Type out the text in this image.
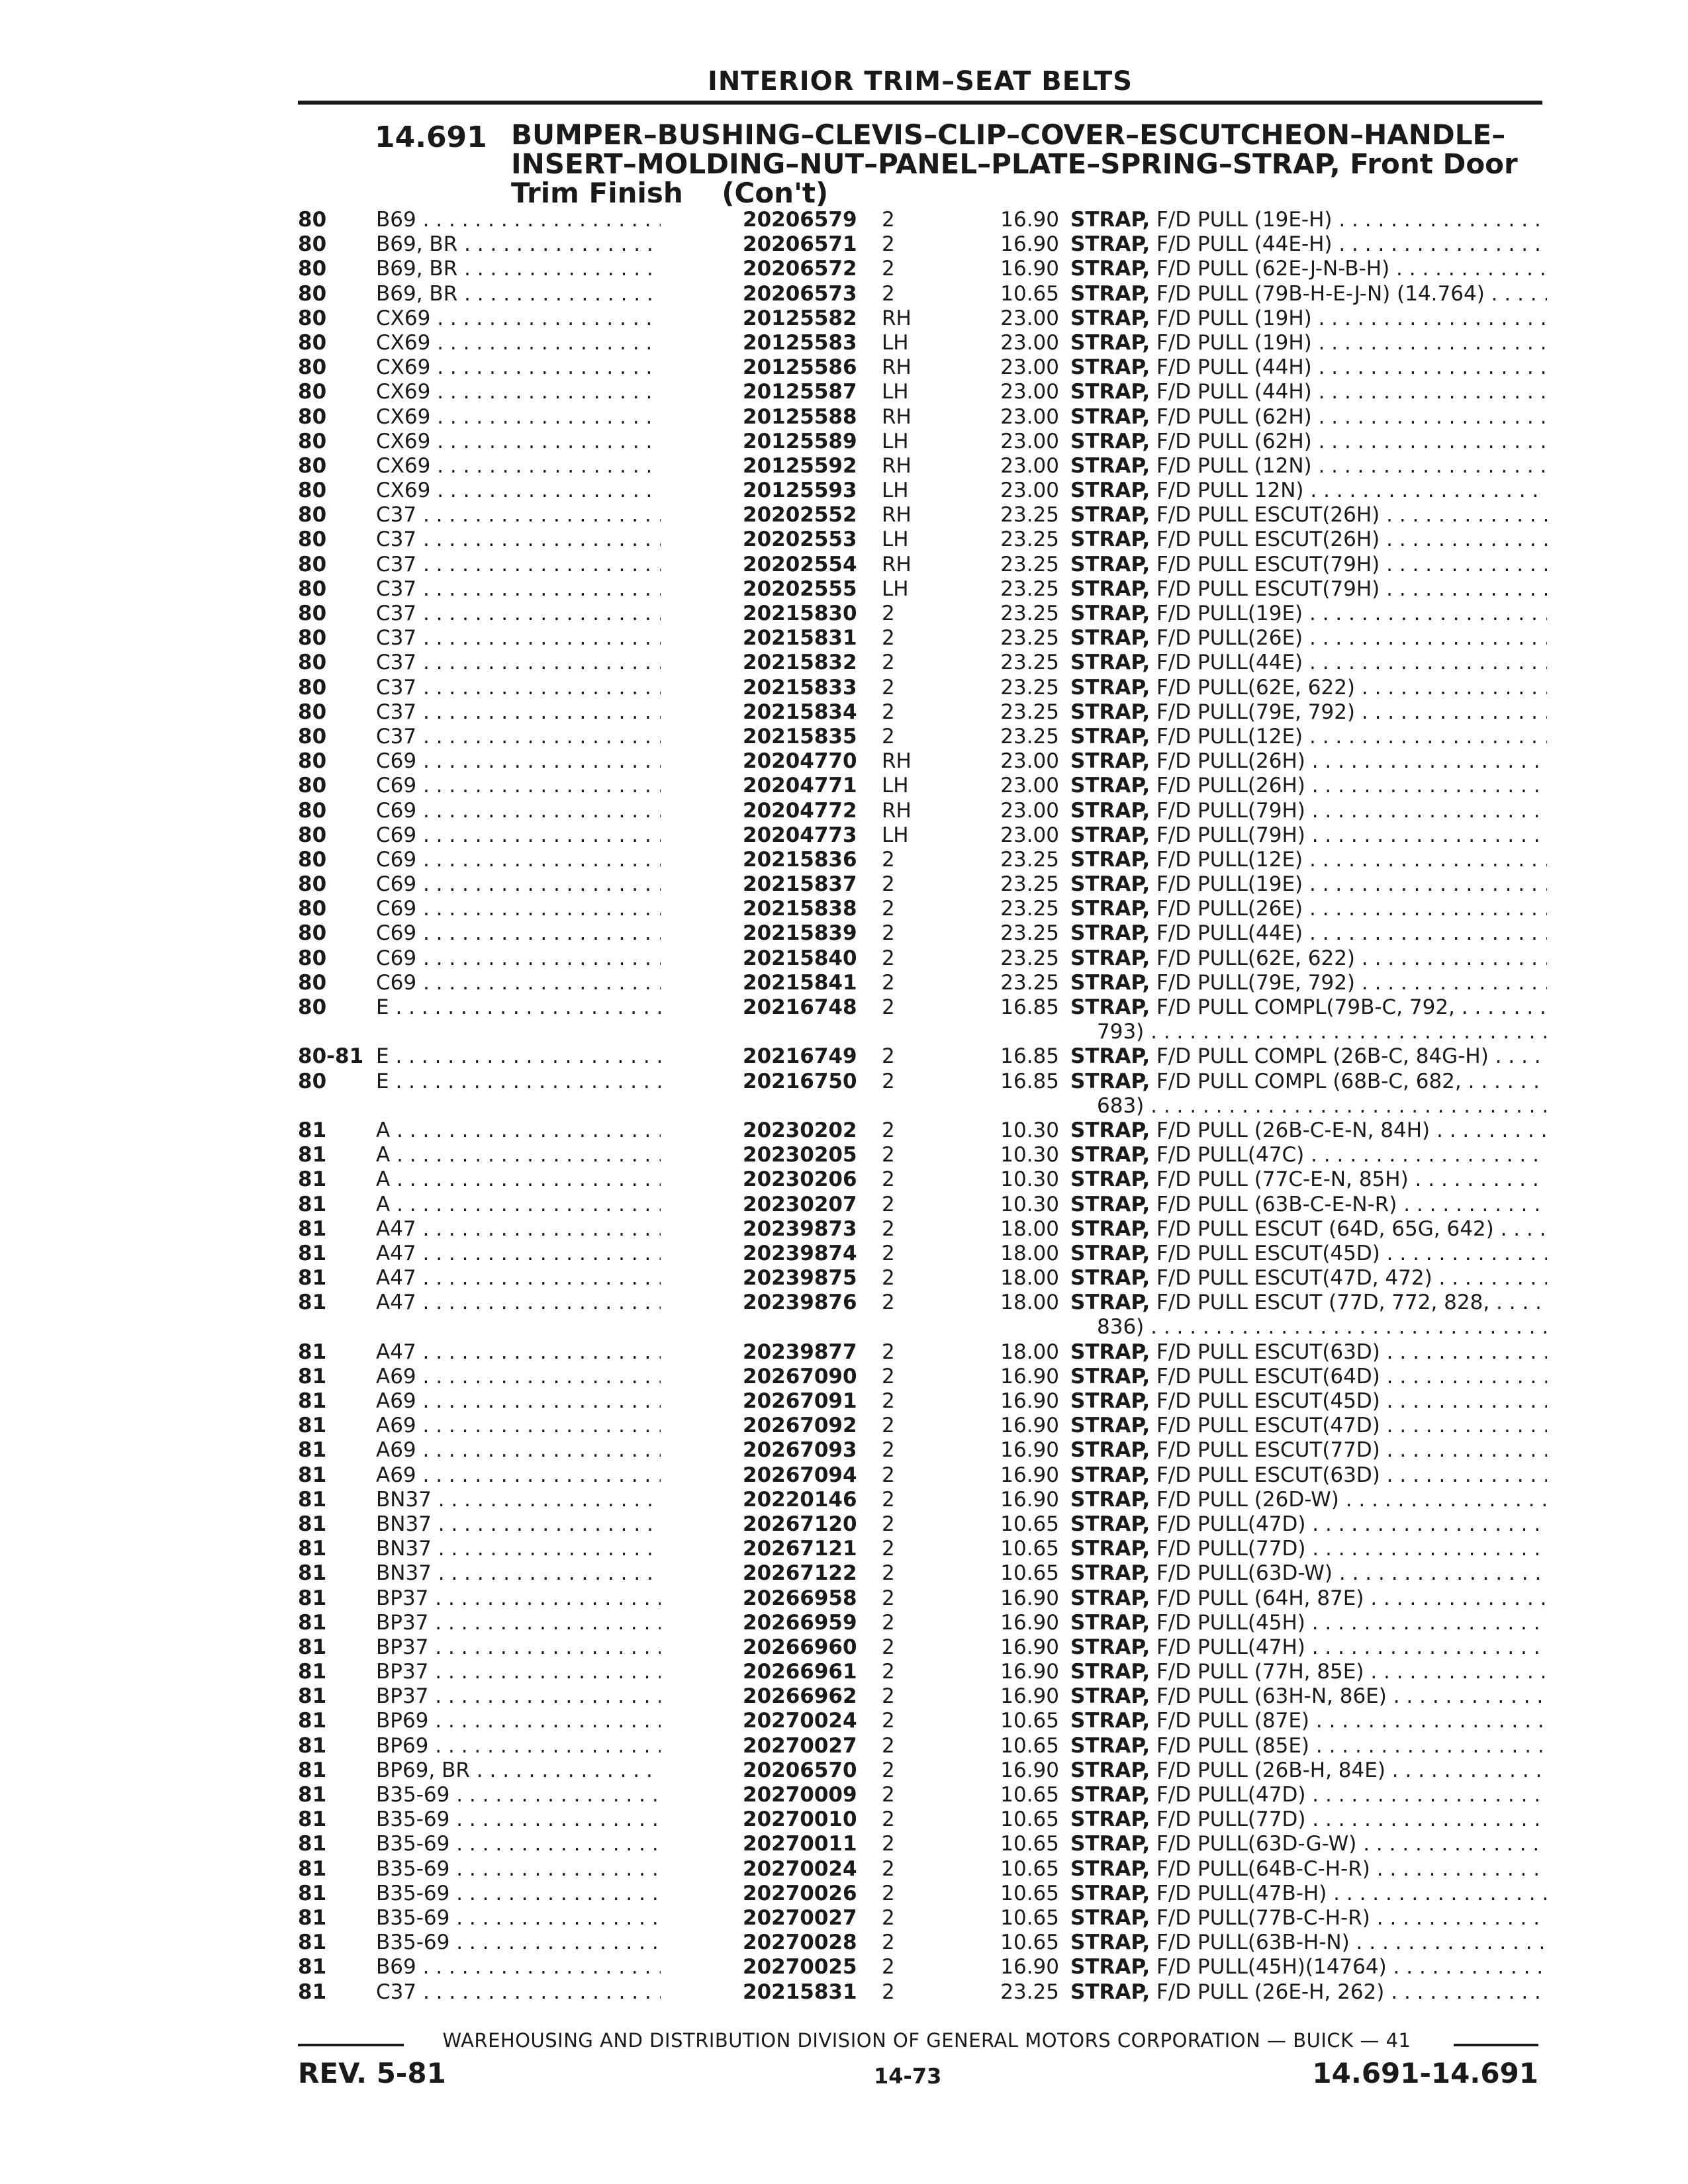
INTERIOR TRIM–SEAT BELTS
14.691 BUMPER–BUSHING–CLEVIS–CLIP–COVER–ESCUTCHEON–HANDLE–
INSERT–MOLDING–NUT–PANEL–PLATE–SPRING–STRAP, Front Door
Trim Finish    (Con't)
80	B69 . . .	20206579	2	16.90 STRAP, F/D PULL (19E-H) . . .
80	B69, BR . . .	20206571	2	16.90 STRAP, F/D PULL (44E-H) . . .
80	B69, BR . . .	20206572	2	16.90 STRAP, F/D PULL (62E-J-N-B-H) . . .
80	B69, BR . . .	20206573	2	10.65 STRAP, F/D PULL (79B-H-E-J-N) (14.764) . . .
80	CX69 . . .	20125582	RH	23.00 STRAP, F/D PULL (19H) . . .
80	CX69 . . .	20125583	LH	23.00 STRAP, F/D PULL (19H) . . .
80	CX69 . . .	20125586	RH	23.00 STRAP, F/D PULL (44H) . . .
80	CX69 . . .	20125587	LH	23.00 STRAP, F/D PULL (44H) . . .
80	CX69 . . .	20125588	RH	23.00 STRAP, F/D PULL (62H) . . .
80	CX69 . . .	20125589	LH	23.00 STRAP, F/D PULL (62H) . . .
80	CX69 . . .	20125592	RH	23.00 STRAP, F/D PULL (12N) . . .
80	CX69 . . .	20125593	LH	23.00 STRAP, F/D PULL 12N) . . .
80	C37 . . .	20202552	RH	23.25 STRAP, F/D PULL ESCUT(26H) . . .
80	C37 . . .	20202553	LH	23.25 STRAP, F/D PULL ESCUT(26H) . . .
80	C37 . . .	20202554	RH	23.25 STRAP, F/D PULL ESCUT(79H) . . .
80	C37 . . .	20202555	LH	23.25 STRAP, F/D PULL ESCUT(79H) . . .
80	C37 . . .	20215830	2	23.25 STRAP, F/D PULL(19E) . . .
80	C37 . . .	20215831	2	23.25 STRAP, F/D PULL(26E) . . .
80	C37 . . .	20215832	2	23.25 STRAP, F/D PULL(44E) . . .
80	C37 . . .	20215833	2	23.25 STRAP, F/D PULL(62E, 622) . . .
80	C37 . . .	20215834	2	23.25 STRAP, F/D PULL(79E, 792) . . .
80	C37 . . .	20215835	2	23.25 STRAP, F/D PULL(12E) . . .
80	C69 . . .	20204770	RH	23.00 STRAP, F/D PULL(26H) . . .
80	C69 . . .	20204771	LH	23.00 STRAP, F/D PULL(26H) . . .
80	C69 . . .	20204772	RH	23.00 STRAP, F/D PULL(79H) . . .
80	C69 . . .	20204773	LH	23.00 STRAP, F/D PULL(79H) . . .
80	C69 . . .	20215836	2	23.25 STRAP, F/D PULL(12E) . . .
80	C69 . . .	20215837	2	23.25 STRAP, F/D PULL(19E) . . .
80	C69 . . .	20215838	2	23.25 STRAP, F/D PULL(26E) . . .
80	C69 . . .	20215839	2	23.25 STRAP, F/D PULL(44E) . . .
80	C69 . . .	20215840	2	23.25 STRAP, F/D PULL(62E, 622) . . .
80	C69 . . .	20215841	2	23.25 STRAP, F/D PULL(79E, 792) . . .
80	E . . .	20216748	2	16.85 STRAP, F/D PULL COMPL(79B-C, 792, . . .
793) . . .
80-81 E . . .	20216749	2	16.85 STRAP, F/D PULL COMPL (26B-C, 84G-H) . . .
80	E . . .	20216750	2	16.85 STRAP, F/D PULL COMPL (68B-C, 682, . . .
683) . . .
81	A . . .	20230202	2	10.30 STRAP, F/D PULL (26B-C-E-N, 84H) . . .
81	A . . .	20230205	2	10.30 STRAP, F/D PULL(47C) . . .
81	A . . .	20230206	2	10.30 STRAP, F/D PULL (77C-E-N, 85H) . . .
81	A . . .	20230207	2	10.30 STRAP, F/D PULL (63B-C-E-N-R) . . .
81	A47 . . .	20239873	2	18.00 STRAP, F/D PULL ESCUT (64D, 65G, 642) . . .
81	A47 . . .	20239874	2	18.00 STRAP, F/D PULL ESCUT(45D) . . .
81	A47 . . .	20239875	2	18.00 STRAP, F/D PULL ESCUT(47D, 472) . . .
81	A47 . . .	20239876	2	18.00 STRAP, F/D PULL ESCUT (77D, 772, 828, . . .
836) . . .
81	A47 . . .	20239877	2	18.00 STRAP, F/D PULL ESCUT(63D) . . .
81	A69 . . .	20267090	2	16.90 STRAP, F/D PULL ESCUT(64D) . . .
81	A69 . . .	20267091	2	16.90 STRAP, F/D PULL ESCUT(45D) . . .
81	A69 . . .	20267092	2	16.90 STRAP, F/D PULL ESCUT(47D) . . .
81	A69 . . .	20267093	2	16.90 STRAP, F/D PULL ESCUT(77D) . . .
81	A69 . . .	20267094	2	16.90 STRAP, F/D PULL ESCUT(63D) . . .
81	BN37 . . .	20220146	2	16.90 STRAP, F/D PULL (26D-W) . . .
81	BN37 . . .	20267120	2	10.65 STRAP, F/D PULL(47D) . . .
81	BN37 . . .	20267121	2	10.65 STRAP, F/D PULL(77D) . . .
81	BN37 . . .	20267122	2	10.65 STRAP, F/D PULL(63D-W) . . .
81	BP37 . . .	20266958	2	16.90 STRAP, F/D PULL (64H, 87E) . . .
81	BP37 . . .	20266959	2	16.90 STRAP, F/D PULL(45H) . . .
81	BP37 . . .	20266960	2	16.90 STRAP, F/D PULL(47H) . . .
81	BP37 . . .	20266961	2	16.90 STRAP, F/D PULL (77H, 85E) . . .
81	BP37 . . .	20266962	2	16.90 STRAP, F/D PULL (63H-N, 86E) . . .
81	BP69 . . .	20270024	2	10.65 STRAP, F/D PULL (87E) . . .
81	BP69 . . .	20270027	2	10.65 STRAP, F/D PULL (85E) . . .
81	BP69, BR . . .	20206570	2	16.90 STRAP, F/D PULL (26B-H, 84E) . . .
81	B35-69 . . .	20270009	2	10.65 STRAP, F/D PULL(47D) . . .
81	B35-69 . . .	20270010	2	10.65 STRAP, F/D PULL(77D) . . .
81	B35-69 . . .	20270011	2	10.65 STRAP, F/D PULL(63D-G-W) . . .
81	B35-69 . . .	20270024	2	10.65 STRAP, F/D PULL(64B-C-H-R) . . .
81	B35-69 . . .	20270026	2	10.65 STRAP, F/D PULL(47B-H) . . .
81	B35-69 . . .	20270027	2	10.65 STRAP, F/D PULL(77B-C-H-R) . . .
81	B35-69 . . .	20270028	2	10.65 STRAP, F/D PULL(63B-H-N) . . .
81	B69 . . .	20270025	2	16.90 STRAP, F/D PULL(45H)(14764) . . .
81	C37 . . .	20215831	2	23.25 STRAP, F/D PULL (26E-H, 262) . . .
WAREHOUSING AND DISTRIBUTION DIVISION OF GENERAL MOTORS CORPORATION — BUICK — 41
REV. 5-81	14-73	14.691-14.691
